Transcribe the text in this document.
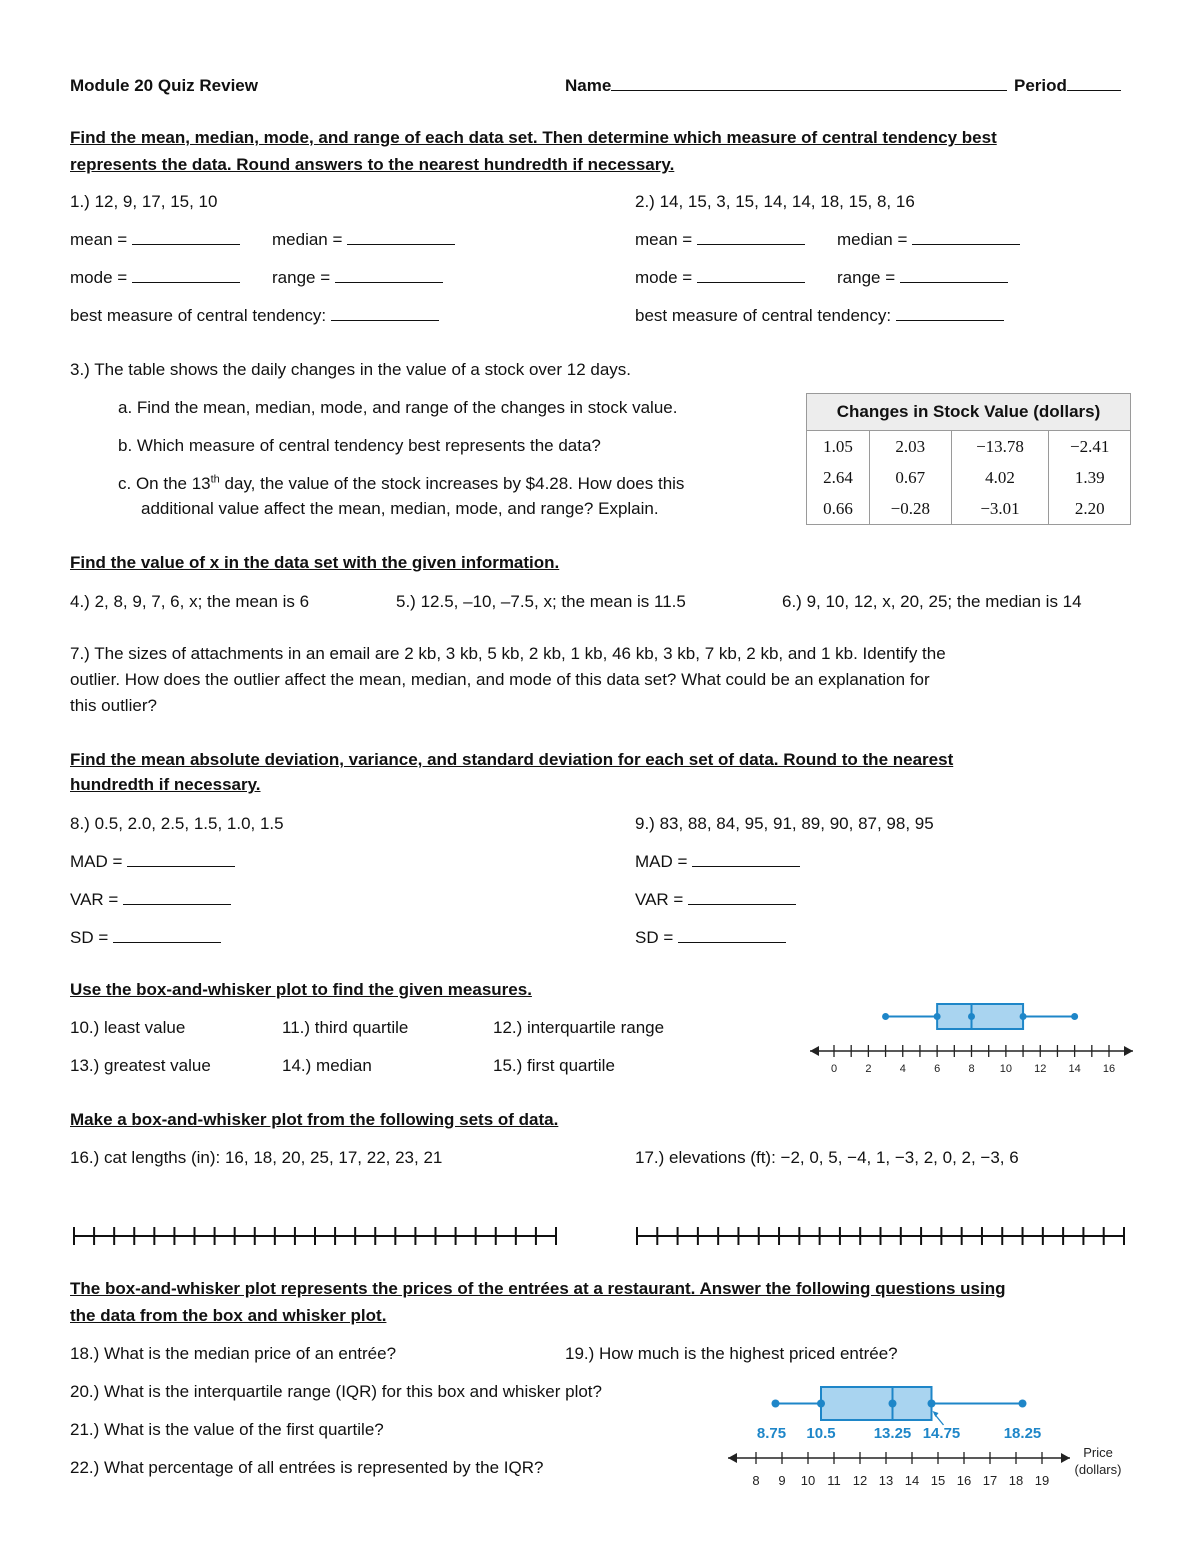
Module 20 Quiz Review	Name	Period
Find the mean, median, mode, and range of each data set. Then determine which measure of central tendency best
represents the data. Round answers to the nearest hundredth if necessary.
1.) 12, 9, 17, 15, 10	2.) 14, 15, 3, 15, 14, 14, 18, 15, 8, 16
mean =	median =	mean =	median =
mode =	range =	mode =	range =
best measure of central tendency:	best measure of central tendency:
3.) The table shows the daily changes in the value of a stock over 12 days.
a. Find the mean, median, mode, and range of the changes in stock value.
b. Which measure of central tendency best represents the data?
c. On the 13th day, the value of the stock increases by $4.28. How does this
additional value affect the mean, median, mode, and range? Explain.
Changes in Stock Value (dollars)			
1.05	2.03	−13.78	−2.41
2.64	0.67	4.02	1.39
0.66	−0.28	−3.01	2.20
Find the value of x in the data set with the given information.
4.) 2, 8, 9, 7, 6, x; the mean is 6	5.) 12.5, –10, –7.5, x; the mean is 11.5	6.) 9, 10, 12, x, 20, 25; the median is 14
7.) The sizes of attachments in an email are 2 kb, 3 kb, 5 kb, 2 kb, 1 kb, 46 kb, 3 kb, 7 kb, 2 kb, and 1 kb. Identify the
outlier. How does the outlier affect the mean, median, and mode of this data set? What could be an explanation for
this outlier?
Find the mean absolute deviation, variance, and standard deviation for each set of data. Round to the nearest
hundredth if necessary.
8.) 0.5, 2.0, 2.5, 1.5, 1.0, 1.5	9.) 83, 88, 84, 95, 91, 89, 90, 87, 98, 95
MAD =	MAD =
VAR =	VAR =
SD =	SD =
Use the box-and-whisker plot to find the given measures.
10.) least value	11.) third quartile	12.) interquartile range
13.) greatest value	14.) median	15.) first quartile	0	2	4	6	8 10 12 14 16
Make a box-and-whisker plot from the following sets of data.
16.) cat lengths (in): 16, 18, 20, 25, 17, 22, 23, 21	17.) elevations (ft): −2, 0, 5, −4, 1, −3, 2, 0, 2, −3, 6
The box-and-whisker plot represents the prices of the entrées at a restaurant. Answer the following questions using
the data from the box and whisker plot.
18.) What is the median price of an entrée?	19.) How much is the highest priced entrée?
20.) What is the interquartile range (IQR) for this box and whisker plot?
21.) What is the value of the first quartile?
22.) What percentage of all entrées is represented by the IQR?
8 9 10 11 12 13 14 15 16 17 18 19
Price
(dollars)
8.75 10.5	13.25 14.75	18.25
